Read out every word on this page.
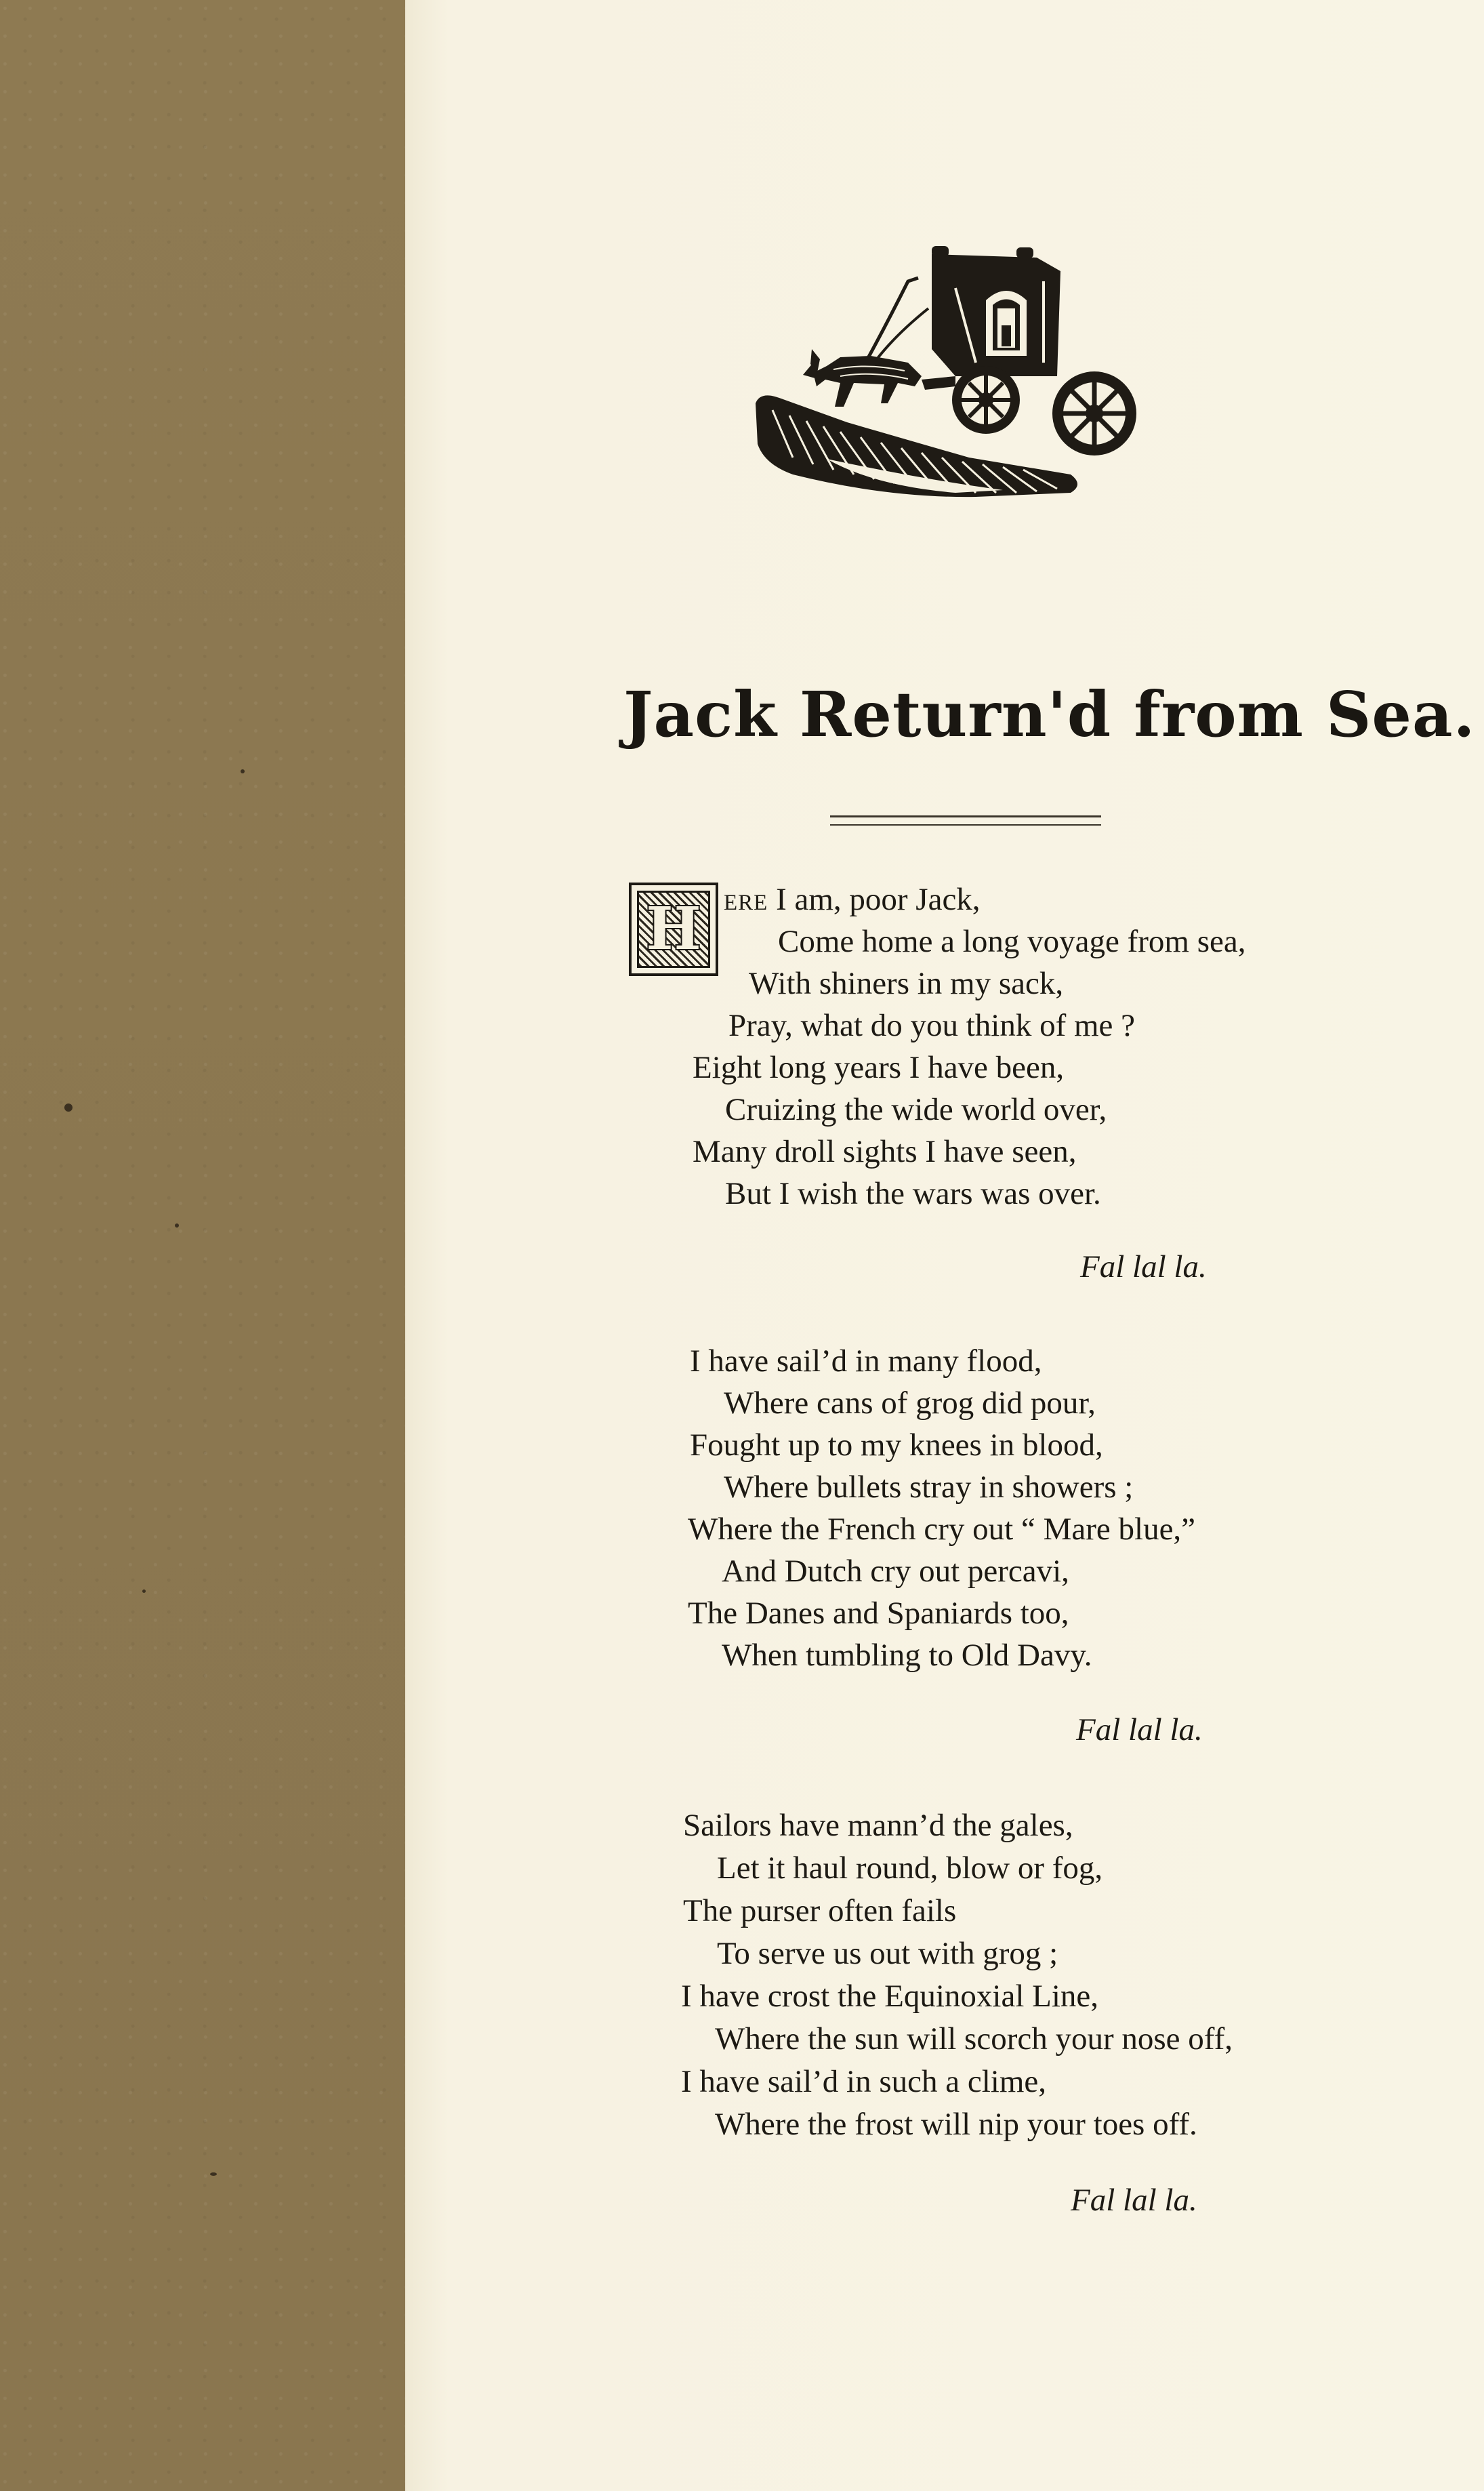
Jack Return'd from Sea.
H ere I am, poor Jack,
Come home a long voyage from sea,
With shiners in my sack,
Pray, what do you think of me ?
Eight long years I have been,
Cruizing the wide world over,
Many droll sights I have seen,
But I wish the wars was over.
Fal lal la.
I have sail’d in many flood,
Where cans of grog did pour,
Fought up to my knees in blood,
Where bullets stray in showers ;
Where the French cry out “ Mare blue,”
And Dutch cry out percavi,
The Danes and Spaniards too,
When tumbling to Old Davy.
Fal lal la.
Sailors have mann’d the gales,
Let it haul round, blow or fog,
The purser often fails
To serve us out with grog ;
I have crost the Equinoxial Line,
Where the sun will scorch your nose off,
I have sail’d in such a clime,
Where the frost will nip your toes off.
Fal lal la.
